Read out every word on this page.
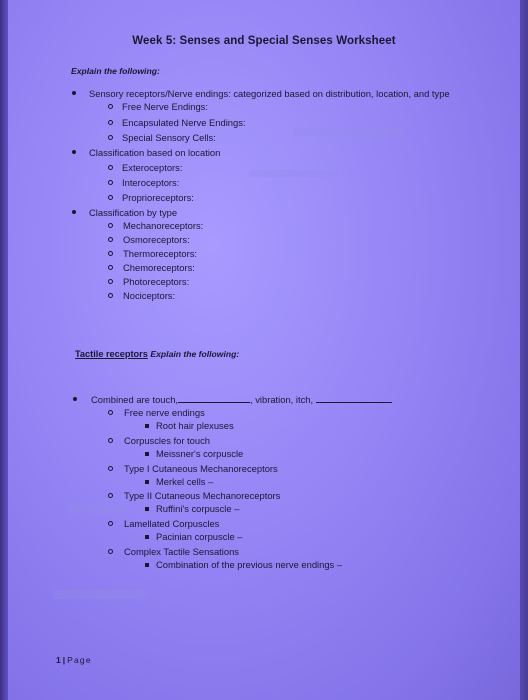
Week 5: Senses and Special Senses Worksheet
Explain the following:
Sensory receptors/Nerve endings: categorized based on distribution, location, and type
Free Nerve Endings:
Encapsulated Nerve Endings:
Special Sensory Cells:
Classification based on location
Exteroceptors:
Interoceptors:
Proprioreceptors:
Classification by type
Mechanoreceptors:
Osmoreceptors:
Thermoreceptors:
Chemoreceptors:
Photoreceptors:
Nociceptors:
Tactile receptors Explain the following:
Combined are touch,	, vibration, itch,
Free nerve endings
Root hair plexuses
Corpuscles for touch
Meissner's corpuscle
Type I Cutaneous Mechanoreceptors
Merkel cells –
Type II Cutaneous Mechanoreceptors
Ruffini's corpuscle –
Lamellated Corpuscles
Pacinian corpuscle –
Complex Tactile Sensations
Combination of the previous nerve endings –
1 | Page
